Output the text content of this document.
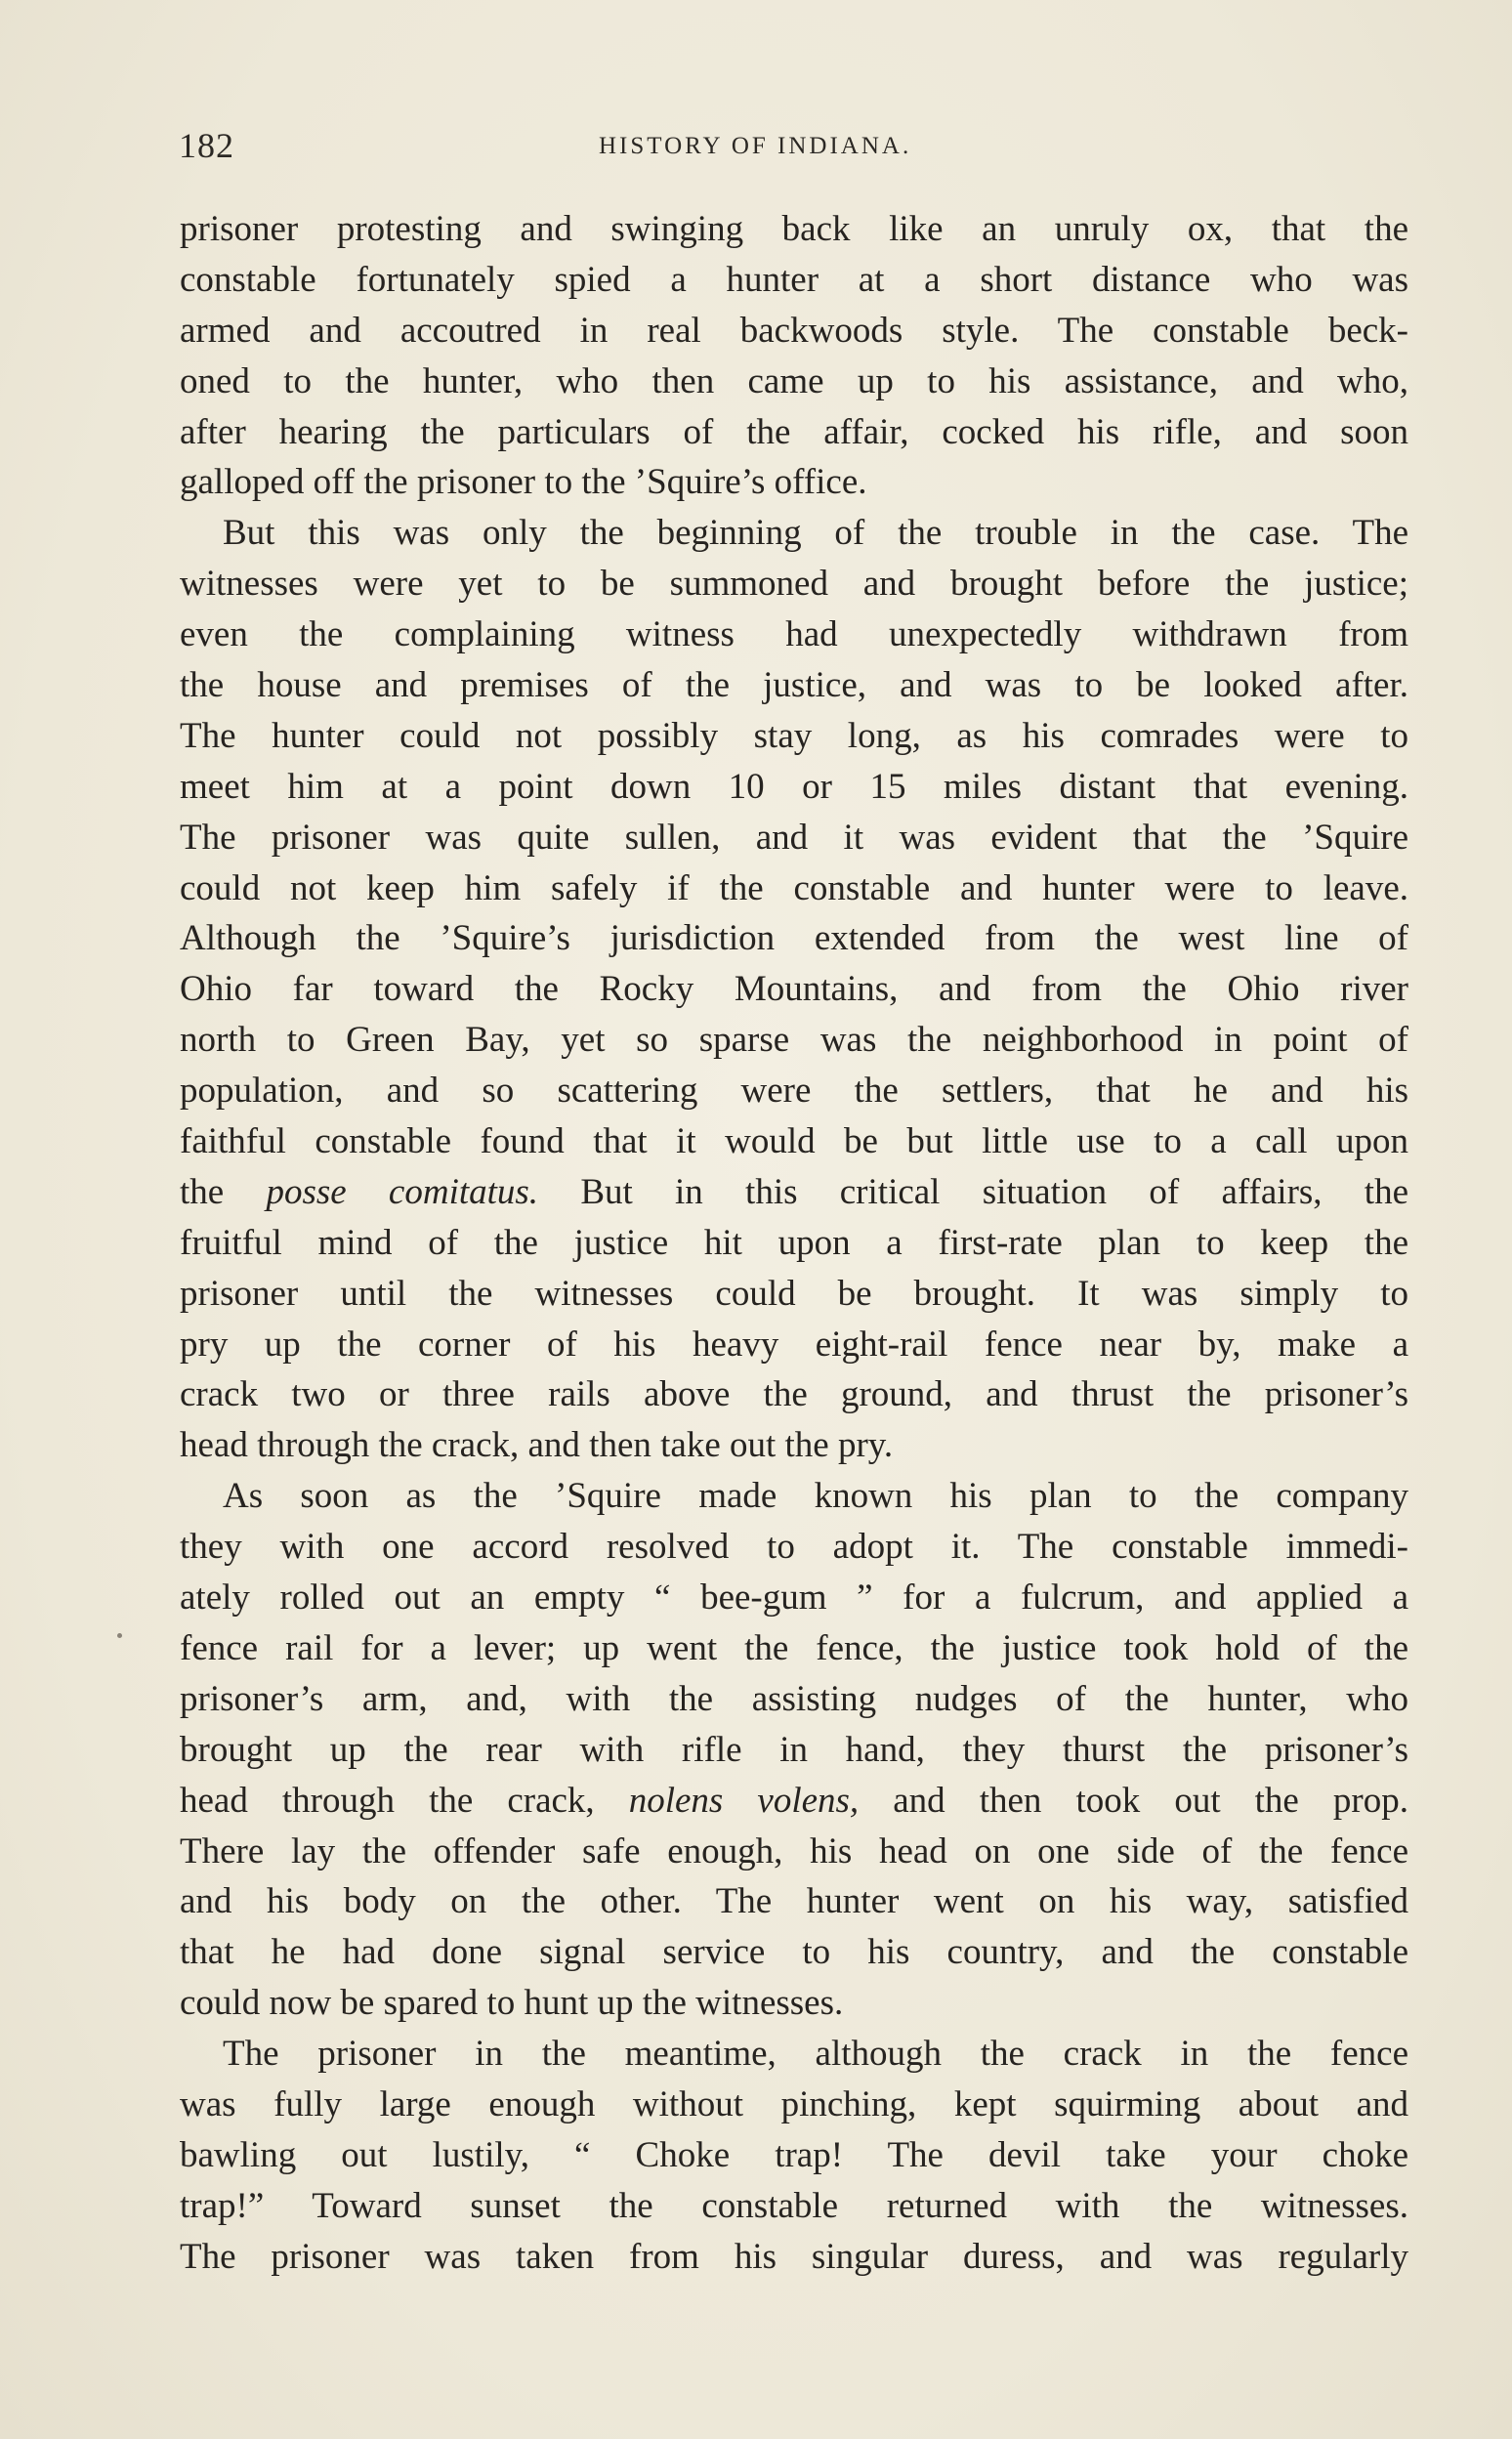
182	HISTORY OF INDIANA.
prisoner protesting and swinging back like an unruly ox, that the
constable fortunately spied a hunter at a short distance who was
armed and accoutred in real backwoods style. The constable beck-
oned to the hunter, who then came up to his assistance, and who,
after hearing the particulars of the affair, cocked his rifle, and soon
galloped off the prisoner to the ’Squire’s office.
But this was only the beginning of the trouble in the case. The
witnesses were yet to be summoned and brought before the justice;
even the complaining witness had unexpectedly withdrawn from
the house and premises of the justice, and was to be looked after.
The hunter could not possibly stay long, as his comrades were to
meet him at a point down 10 or 15 miles distant that evening.
The prisoner was quite sullen, and it was evident that the ’Squire
could not keep him safely if the constable and hunter were to leave.
Although the ’Squire’s jurisdiction extended from the west line of
Ohio far toward the Rocky Mountains, and from the Ohio river
north to Green Bay, yet so sparse was the neighborhood in point of
population, and so scattering were the settlers, that he and his
faithful constable found that it would be but little use to a call upon
the posse comitatus. But in this critical situation of affairs, the
fruitful mind of the justice hit upon a first-rate plan to keep the
prisoner until the witnesses could be brought. It was simply to
pry up the corner of his heavy eight-rail fence near by, make a
crack two or three rails above the ground, and thrust the prisoner’s
head through the crack, and then take out the pry.
As soon as the ’Squire made known his plan to the company
they with one accord resolved to adopt it. The constable immedi-
ately rolled out an empty “ bee-gum ” for a fulcrum, and applied a
fence rail for a lever; up went the fence, the justice took hold of the
prisoner’s arm, and, with the assisting nudges of the hunter, who
brought up the rear with rifle in hand, they thurst the prisoner’s
head through the crack, nolens volens, and then took out the prop.
There lay the offender safe enough, his head on one side of the fence
and his body on the other. The hunter went on his way, satisfied
that he had done signal service to his country, and the constable
could now be spared to hunt up the witnesses.
The prisoner in the meantime, although the crack in the fence
was fully large enough without pinching, kept squirming about and
bawling out lustily, “ Choke trap! The devil take your choke
trap!” Toward sunset the constable returned with the witnesses.
The prisoner was taken from his singular duress, and was regularly
